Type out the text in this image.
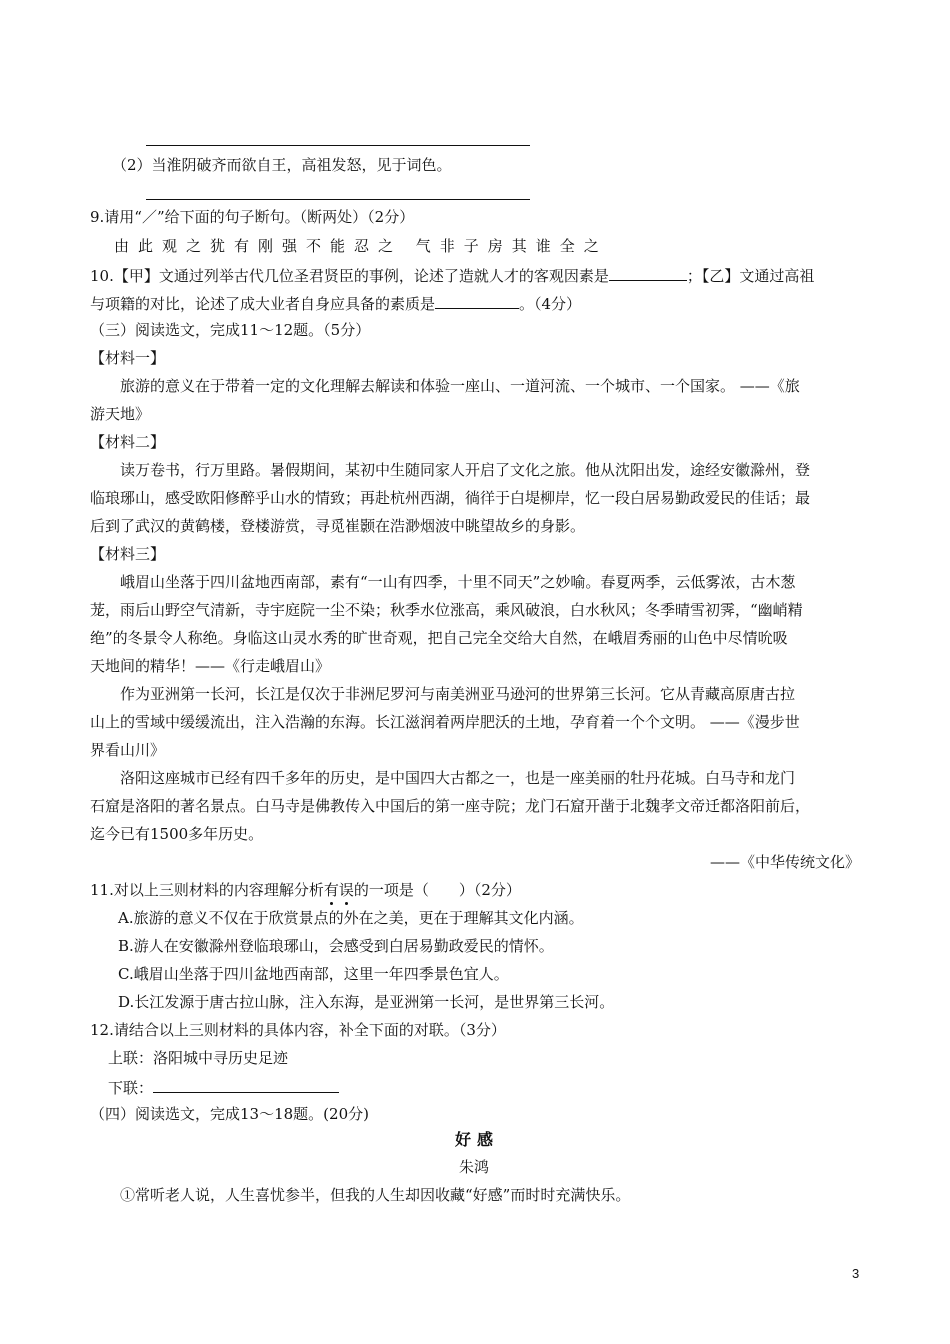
（2）当淮阴破齐而欲自王，高祖发怒，见于词色。
9.请用“／”给下面的句子断句。（断两处）（2分）
由此观之犹有刚强不能忍之 气非子房其谁全之
10.【甲】文通过列举古代几位圣君贤臣的事例，论述了造就人才的客观因素是	；【乙】文通过高祖
与项籍的对比，论述了成大业者自身应具备的素质是	。（4分）
（三）阅读选文，完成11～12题。（5分）
【材料一】
旅游的意义在于带着一定的文化理解去解读和体验一座山、一道河流、一个城市、一个国家。 ——《旅
游天地》
【材料二】
读万卷书，行万里路。暑假期间，某初中生随同家人开启了文化之旅。他从沈阳出发，途经安徽滁州，登
临琅琊山，感受欧阳修醉乎山水的情致；再赴杭州西湖，徜徉于白堤柳岸，忆一段白居易勤政爱民的佳话；最
后到了武汉的黄鹤楼，登楼游赏，寻觅崔颢在浩渺烟波中眺望故乡的身影。
【材料三】
峨眉山坐落于四川盆地西南部，素有“一山有四季，十里不同天”之妙喻。春夏两季，云低雾浓，古木葱
茏，雨后山野空气清新，寺宇庭院一尘不染；秋季水位涨高，乘风破浪，白水秋风；冬季晴雪初霁，“幽峭精
绝”的冬景令人称绝。身临这山灵水秀的旷世奇观，把自己完全交给大自然，在峨眉秀丽的山色中尽情吮吸
天地间的精华！——《行走峨眉山》
作为亚洲第一长河，长江是仅次于非洲尼罗河与南美洲亚马逊河的世界第三长河。它从青藏高原唐古拉
山上的雪域中缓缓流出，注入浩瀚的东海。长江滋润着两岸肥沃的土地，孕育着一个个文明。 ——《漫步世
界看山川》
洛阳这座城市已经有四千多年的历史，是中国四大古都之一，也是一座美丽的牡丹花城。白马寺和龙门
石窟是洛阳的著名景点。白马寺是佛教传入中国后的第一座寺院；龙门石窟开凿于北魏孝文帝迁都洛阳前后，
迄今已有1500多年历史。
——《中华传统文化》
11.对以上三则材料的内容理解分析有误的一项是（　　）（2分）
A.旅游的意义不仅在于欣赏景点的外在之美，更在于理解其文化内涵。
B.游人在安徽滁州登临琅琊山，会感受到白居易勤政爱民的情怀。
C.峨眉山坐落于四川盆地西南部，这里一年四季景色宜人。
D.长江发源于唐古拉山脉，注入东海，是亚洲第一长河，是世界第三长河。
12.请结合以上三则材料的具体内容，补全下面的对联。（3分）
上联：洛阳城中寻历史足迹
下联：
（四）阅读选文，完成13～18题。(20分)
好感
朱鸿
①常听老人说，人生喜忧参半，但我的人生却因收藏“好感”而时时充满快乐。
3
